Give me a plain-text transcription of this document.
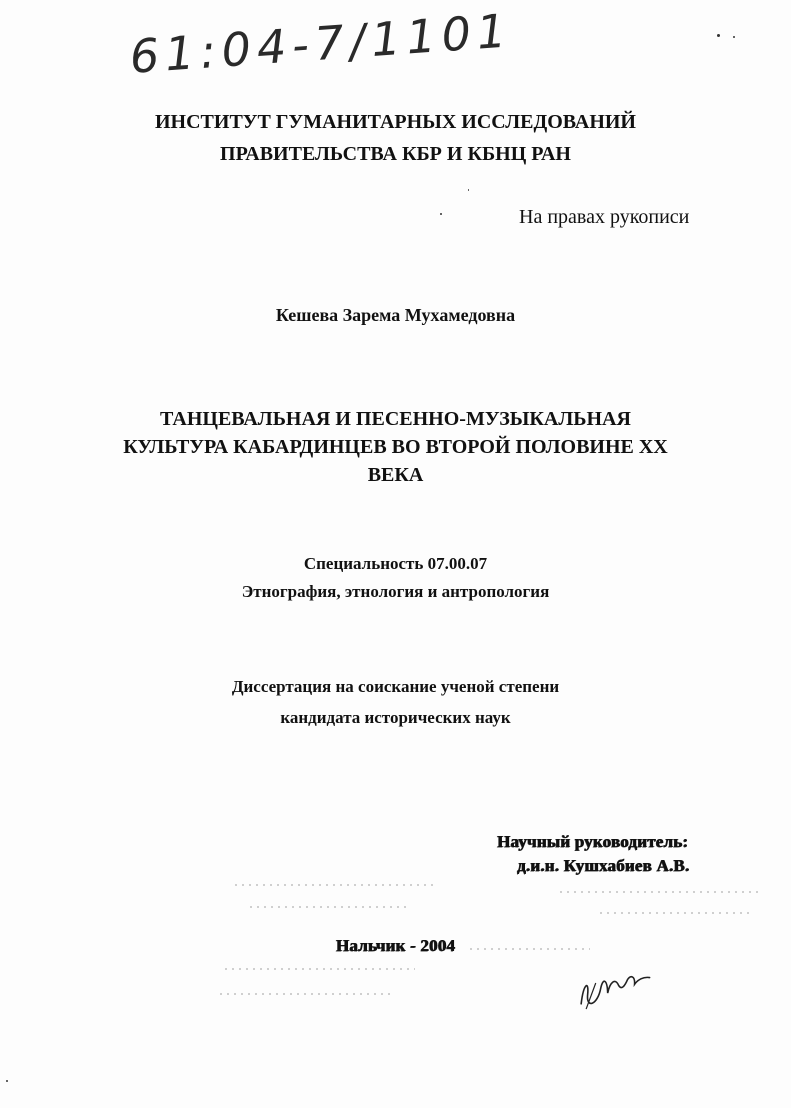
61:04-7/1101
ИНСТИТУТ ГУМАНИТАРНЫХ ИССЛЕДОВАНИЙ
ПРАВИТЕЛЬСТВА КБР И КБНЦ РАН
На правах рукописи
Кешева Зарема Мухамедовна
ТАНЦЕВАЛЬНАЯ И ПЕСЕННО-МУЗЫКАЛЬНАЯ
КУЛЬТУРА КАБАРДИНЦЕВ ВО ВТОРОЙ ПОЛОВИНЕ XX
ВЕКА
Специальность 07.00.07
Этнография, этнология и антропология
Диссертация на соискание ученой степени
кандидата исторических наук
Научный руководитель:
д.и.н. Кушхабиев А.В.
Нальчик - 2004
